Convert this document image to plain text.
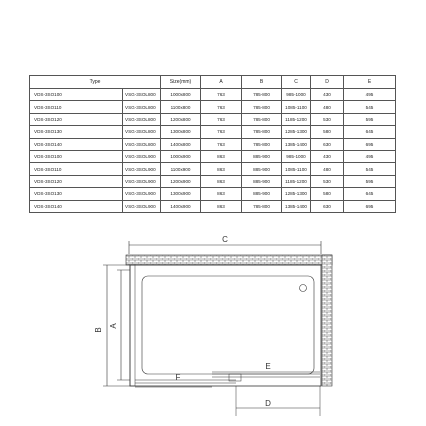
Type		Size(mm)	A	B	C	D	E	
VDS-3SO100	VSG-3SOL800	1000x800	763	785-800	985-1000	430	495	
VDS-3SO110	VSG-3SOL800	1100x800	763	785-800	1085-1100	480	545	
VDS-3SO120	VSG-3SOL800	1200x800	763	785-800	1185-1200	530	595	
VDS-3SO130	VSG-3SOL800	1300x800	763	785-800	1285-1300	580	645	
VDS-3SO140	VSG-3SOL800	1400x800	763	785-800	1385-1400	630	695	
VDS-3SO100	VSG-3SOL900	1000x900	863	885-900	985-1000	430	495	
VDS-3SO110	VSG-3SOL900	1100x900	863	885-900	1085-1100	480	545	
VDS-3SO120	VSG-3SOL900	1200x900	863	885-900	1185-1200	530	595	
VDS-3SO130	VSG-3SOL900	1300x900	863	885-900	1285-1300	580	645	
VDS-3SO140	VSG-3SOL900	1400x900	863	785-800	1385-1400	630	695	
C
B
A
F
E
D
